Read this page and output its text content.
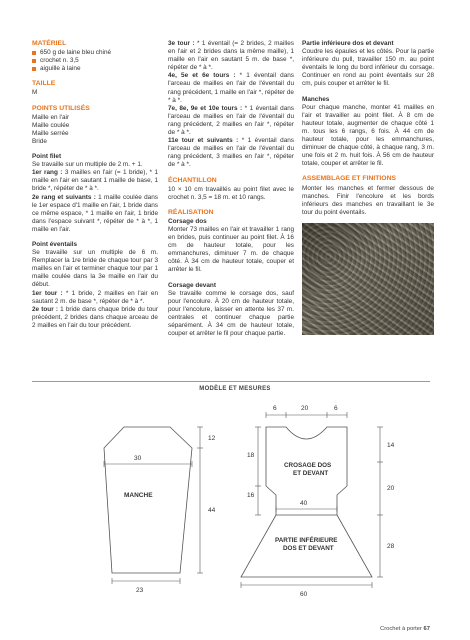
MATÉRIEL
650 g de laine bleu chiné
crochet n. 3,5
aiguille à laine
TAILLE
M
POINTS UTILISÉS
Maille en l'air
Maille coulée
Maille serrée
Bride
Point filet
Se travaille sur un multiple de 2 m. + 1.
1er rang : 3 mailles en l'air (= 1 bride), * 1 maille en l'air en sautant 1 maille de base, 1 bride *, répéter de * à *.
2e rang et suivants : 1 maille coulée dans le 1er espace d'1 maille en l'air, 1 bride dans ce même espace, * 1 maille en l'air, 1 bride dans l'espace suivant *, répéter de * à *, 1 maille en l'air.
Point éventails
Se travaille sur un multiple de 6 m. Remplacer la 1re bride de chaque tour par 3 mailles en l'air et terminer chaque tour par 1 maille coulée dans la 3e maille en l'air du début.
1er tour : * 1 bride, 2 mailles en l'air en sautant 2 m. de base *, répéter de * à *.
2e tour : 1 bride dans chaque bride du tour précédent, 2 brides dans chaque arceau de 2 mailles en l'air du tour précédent.
3e tour : * 1 éventail (= 2 brides, 2 mailles en l'air et 2 brides dans la même maille), 1 maille en l'air en sautant 5 m. de base *, répéter de * à *.
4e, 5e et 6e tours : * 1 éventail dans l'arceau de mailles en l'air de l'éventail du rang précédent, 1 maille en l'air *, répéter de * à *.
7e, 8e, 9e et 10e tours : * 1 éventail dans l'arceau de mailles en l'air de l'éventail du rang précédent, 2 mailles en l'air *, répéter de * à *.
11e tour et suivants : * 1 éventail dans l'arceau de mailles en l'air de l'éventail du rang précédent, 3 mailles en l'air *, répéter de * à *.
ÉCHANTILLON
10 × 10 cm travaillés au point filet avec le crochet n. 3,5 = 18 m. et 10 rangs.
RÉALISATION
Corsage dos
Monter 73 mailles en l'air et travailler 1 rang en brides, puis continuer au point filet. À 16 cm de hauteur totale, pour les emmanchures, diminuer 7 m. de chaque côté. À 34 cm de hauteur totale, couper et arrêter le fil.
Corsage devant
Se travaille comme le corsage dos, sauf pour l'encolure. À 20 cm de hauteur totale, pour l'encolure, laisser en attente les 37 m. centrales et continuer chaque partie séparément. À 34 cm de hauteur totale, couper et arrêter le fil pour chaque partie.
Partie inférieure dos et devant
Coudre les épaules et les côtés. Pour la partie inférieure du pull, travailler 150 m. au point éventails le long du bord inférieur du corsage. Continuer en rond au point éventails sur 28 cm, puis couper et arrêter le fil.
Manches
Pour chaque manche, monter 41 mailles en l'air et travailler au point filet. À 8 cm de hauteur totale, augmenter de chaque côté 1 m. tous les 6 rangs, 6 fois. À 44 cm de hauteur totale, pour les emmanchures, diminuer de chaque côté, à chaque rang, 3 m. une fois et 2 m. huit fois. À 56 cm de hauteur totale, couper et arrêter le fil.
ASSEMBLAGE ET FINITIONS
Monter les manches et fermer dessous de manches. Finir l'encolure et les bords inférieurs des manches en travaillant le 3e tour du point éventails.
MODÈLE ET MESURES
MANCHE
30
23
12
44
CROSAGE DOS
ET DEVANT
PARTIE INFÉRIEURE
DOS ET DEVANT
6	20	6
18
16
14
20
28
40
60
Crochet à porter 67
